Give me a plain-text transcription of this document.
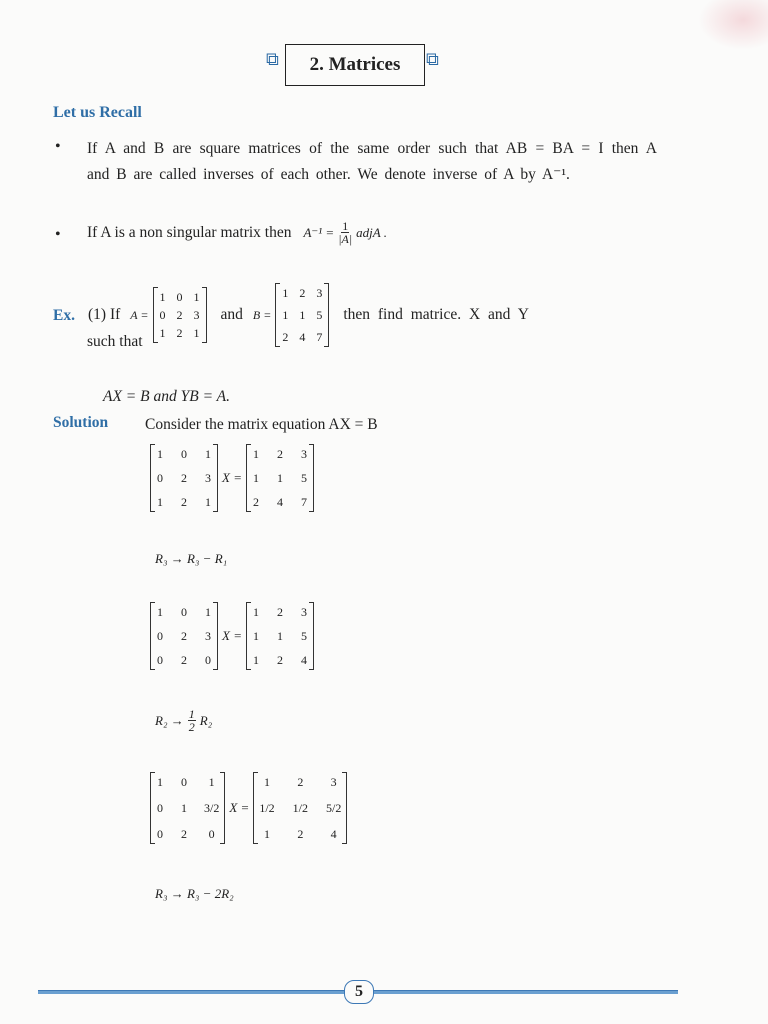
⧉ 2. Matrices ⧉
Let us Recall
• If A and B are square matrices of the same order such that AB = BA = I then A and B are called inverses of each other. We denote inverse of A by A⁻¹.
• If A is a non singular matrix then $A^{-1} = \frac{1}{|A|}$ adjA .
Ex. (1) If A =
1 0 1
0 2 3
1 2 1
and B =
1 2 3
1 1 5
2 4 7
then find matrice. X and Y
such that
AX = B and YB = A.
Solution Consider the matrix equation AX = B
1 0 1
0 2 3
1 2 1
X =
1 2 3
1 1 5
2 4 7
R₃ → R₃ − R₁
1 0 1
0 2 3
0 2 0
X =
1 2 3
1 1 5
1 2 4
$R_2 \to \frac{1}{2} R_2$
1 0	1
0 1 3/2
0 2	0
X =
1	2	3
1/2 1/2 5/2
1	2	4
R₃ → R₃ − 2R₂
5
